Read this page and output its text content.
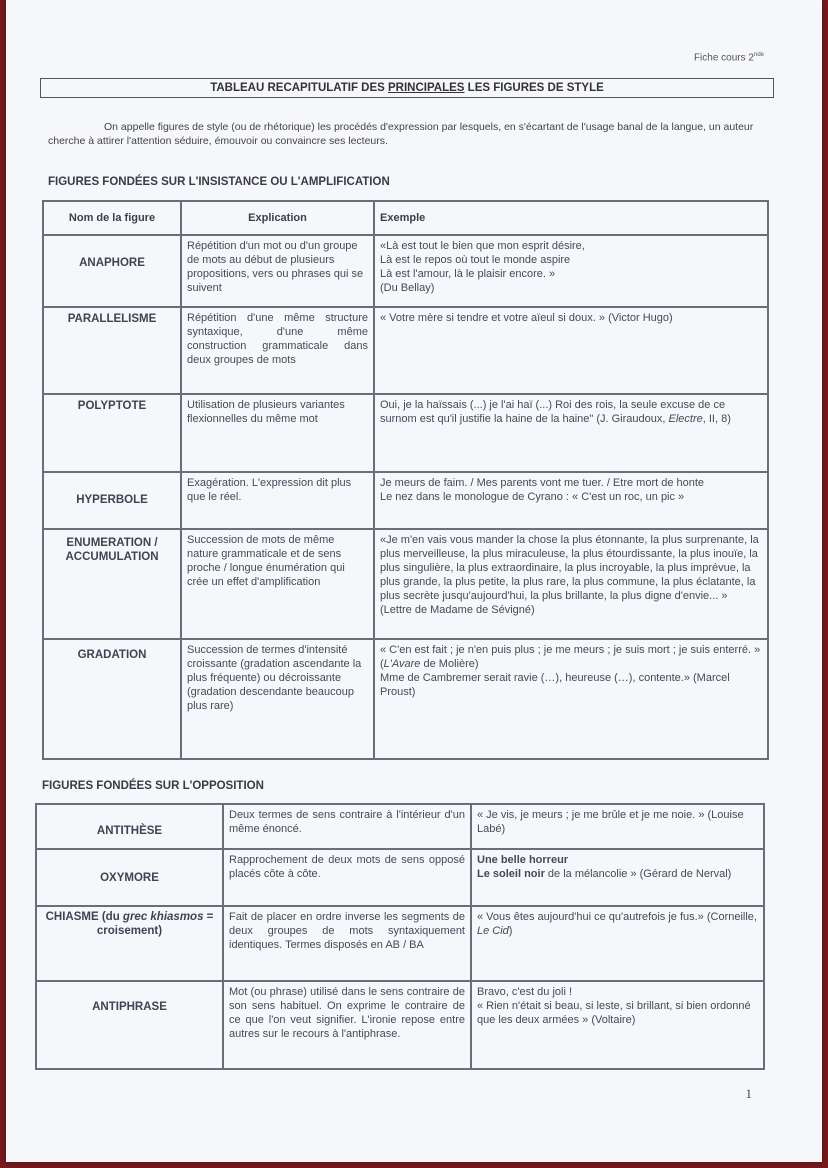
Fiche cours 2nde
TABLEAU RECAPITULATIF DES PRINCIPALES LES FIGURES DE STYLE
On appelle figures de style (ou de rhétorique) les procédés d'expression par lesquels, en s'écartant de l'usage banal de la langue, un auteur cherche à attirer l'attention séduire, émouvoir ou convaincre ses lecteurs.
FIGURES FONDÉES SUR L'INSISTANCE OU L'AMPLIFICATION
Nom de la figure	Explication	Exemple
ANAPHORE	Répétition d'un mot ou d'un groupe de mots au début de plusieurs propositions, vers ou phrases qui se suivent	«Là est tout le bien que mon esprit désire,
Là est le repos où tout le monde aspire
Là est l'amour, là le plaisir encore. »
(Du Bellay)

PARALLELISME	Répétition d'une même structure syntaxique, d'une même construction grammaticale dans deux groupes de mots	« Votre mère si tendre et votre aïeul si doux. » (Victor Hugo)
POLYPTOTE	Utilisation de plusieurs variantes flexionnelles du même mot	Oui, je la haïssais (...) je l'ai haï (...) Roi des rois, la seule excuse de ce surnom est qu'il justifie la haine de la haine" (J. Giraudoux, Electre, II, 8)
HYPERBOLE	Exagération. L'expression dit plus que le réel.	Je meurs de faim. / Mes parents vont me tuer. / Etre mort de honte
Le nez dans le monologue de Cyrano : « C'est un roc, un pic »

ENUMERATION / ACCUMULATION	Succession de mots de même nature grammaticale et de sens proche / longue énumération qui crée un effet d'amplification	«Je m'en vais vous mander la chose la plus étonnante, la plus surprenante, la plus merveilleuse, la plus miraculeuse, la plus étourdissante, la plus inouïe, la plus singulière, la plus extraordinaire, la plus incroyable, la plus imprévue, la plus grande, la plus petite, la plus rare, la plus commune, la plus éclatante, la plus secrète jusqu'aujourd'hui, la plus brillante, la plus digne d'envie... » (Lettre de Madame de Sévigné)
GRADATION	Succession de termes d'intensité croissante (gradation ascendante la plus fréquente) ou décroissante (gradation descendante beaucoup plus rare)	« C'en est fait ; je n'en puis plus ; je me meurs ; je suis mort ; je suis enterré. » (L'Avare de Molière)
Mme de Cambremer serait ravie (…), heureuse (…), contente.» (Marcel Proust)
FIGURES FONDÉES SUR L'OPPOSITION
ANTITHÈSE	Deux termes de sens contraire à l'intérieur d'un même énoncé.	« Je vis, je meurs ; je me brûle et je me noie. » (Louise Labé)
OXYMORE	Rapprochement de deux mots de sens opposé placés côte à côte.	Une belle horreur
Le soleil noir de la mélancolie » (Gérard de Nerval)
CHIASME (du grec khiasmos = croisement)	Fait de placer en ordre inverse les segments de deux groupes de mots syntaxiquement identiques. Termes disposés en AB / BA	« Vous êtes aujourd'hui ce qu'autrefois je fus.» (Corneille, Le Cid)
ANTIPHRASE	Mot (ou phrase) utilisé dans le sens contraire de son sens habituel. On exprime le contraire de ce que l'on veut signifier. L'ironie repose entre autres sur le recours à l'antiphrase.	Bravo, c'est du joli !
« Rien n'était si beau, si leste, si brillant, si bien ordonné que les deux armées » (Voltaire)
1
